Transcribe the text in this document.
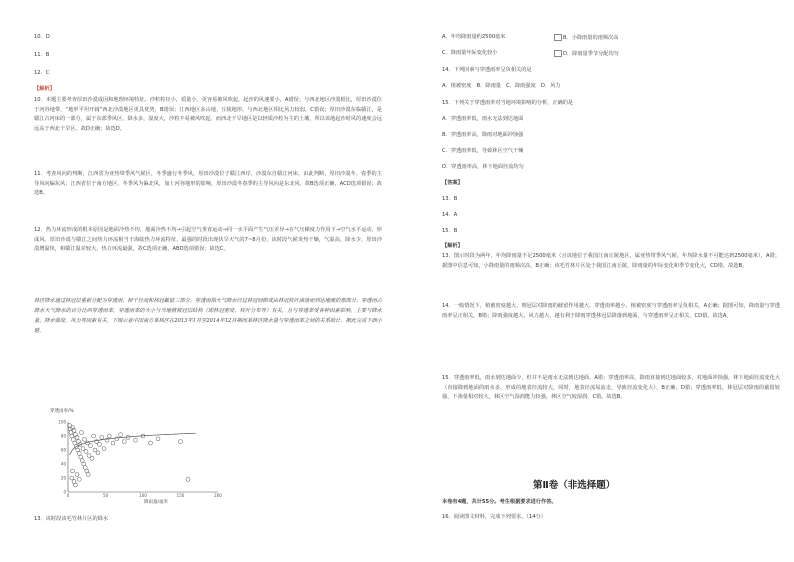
10．D
11．B
12．C
【解析】
10．本题主要考查厚田沙漠成因和地理环境特征。沙粒粒径小，质量小，更容易被风吹起，起沙的风速要小，A错误；与西北地区沙漠相比，厚田沙漠位于河谷地带，“地形平坦开阔”西北沙漠地区更具优势，B错误；江西地区多山地、丘陵地形，与西北地区相比风力较弱，C错误；厚田沙漠东临赣江，是赣江古河床的一部分，属于东部季风区，降水多，湿度大，沙粒不易被风吹起，而西北干旱地区是以轻质沙粒为主的土壤，所以该地起沙时风的速度会远远高于西北干旱区。故D正确；故选D。
11．考查风向的判断，江西省为亚热带季风气候区，冬季盛行冬季风，厚田沙漠位于赣江西岸，沙漠东自赣江河床，由此判断，厚田沙漠冬、春季的主导风向偏东风；江西省位于南方地区，冬季风为偏北风，加上河谷地形的影响，厚田沙漠冬春季的主导风向是东北风，故B选项正确，ACD选项错误；故选B。
12．热力环流形成的根本原因是地面冷热不均，地面冷热不均→引起空气垂直运动→同一水平面产生气压差异→在气压梯度力作用下→空气水平运动，形成风。厚田沙漠与赣江之间热力环流相当于海陆热力环流特征，最强的时段出现伏旱天气的7~8月份，该时段气候炎热干燥，气温高，降水少，厚田沙漠增温快，和赣江温差较大，热力环流最强，故C选项正确，ABD选项错误；故选C。
林区降水通过林冠层重新分配为穿透雨，树干径流和林冠截留三部分。穿透雨指大气降水经过林冠间隙或由林冠枝叶滴落而到达地面的那部分。穿透雨占降水大气降水的百分比叫穿透雨率，穿透雨率的大小与当地植被冠层结构（即林冠密度、枝叶分布等）有关，且与穿透率受各种因素影响，主要与降水量、降水强度、风力等因素有关。下图示意中国南方某林区在2013年1月至2014年12月期间某林区降水量与穿透雨率之间的关系统计。据此完成下面小题。
穿透雨率/%
0	50	100	150	200
0
20
40
60
80
100
降雨量/毫米
13．该时段该毛竹林片区的降水
A．年均降雨量约2500毫米	B．小降雨量的雨频次高
C．降雨量年际变化较小	D．降雨量季节分配均匀
14．下列因素与穿透雨率呈负相关的是
A．植被密度　B．降雨量　C．降雨强度　D．风力
15．下列关于穿透雨率对当地环境影响的分析，正确的是
A．穿透雨率低，雨水无法到达地面
B．穿透雨率高，降雨对地面冲蚀强
C．穿透雨率低，导致林区空气干燥
D．穿透雨率高，林下地面径流均匀
【答案】
13．B
14．A
15．B
【解析】
13．图示时段为两年，年均降雨量不足2500毫米（且该地位于我国江南丘陵地区，属亚热带季风气候，年均降水量不可能达到2500毫米），A错；据图中信息可知，小降雨量的雨频次高，B正确；该毛竹林片区处于我国江南丘陵，降雨量的年际变化和季节变化大，CD错。故选B。
14．一般情况下，植被密度越大，则冠层对降雨的截留作用越大，穿透雨率越小，植被密度与穿透雨率呈负相关，A正确；据图可知，降雨量与穿透雨率呈正相关，B错；降雨强度越大、风力越大，越有利于降雨穿透林冠层降落到地面，与穿透雨率呈正相关，CD错。故选A。
15．穿透雨率低，雨水到达地面少，但并不是雨水无法到达地面，A错；穿透雨率高，降雨直接到达地面较多，对地面冲蚀强，林下地面径流变化大（直接降到地面的雨水多，形成的地表径流较大，同时，地表径流易流走，导致径流变化大），B正确，D错；穿透雨率低，林冠层对降雨的截留较强，下渗量相对较大，林区空气湿润能力较强，林区空气较湿润，C错。故选B。
第Ⅱ卷（非选择题）
本卷有4题，共计55分。考生根据要求进行作答。
16．阅读图文材料，完成下列要求。（14分）
